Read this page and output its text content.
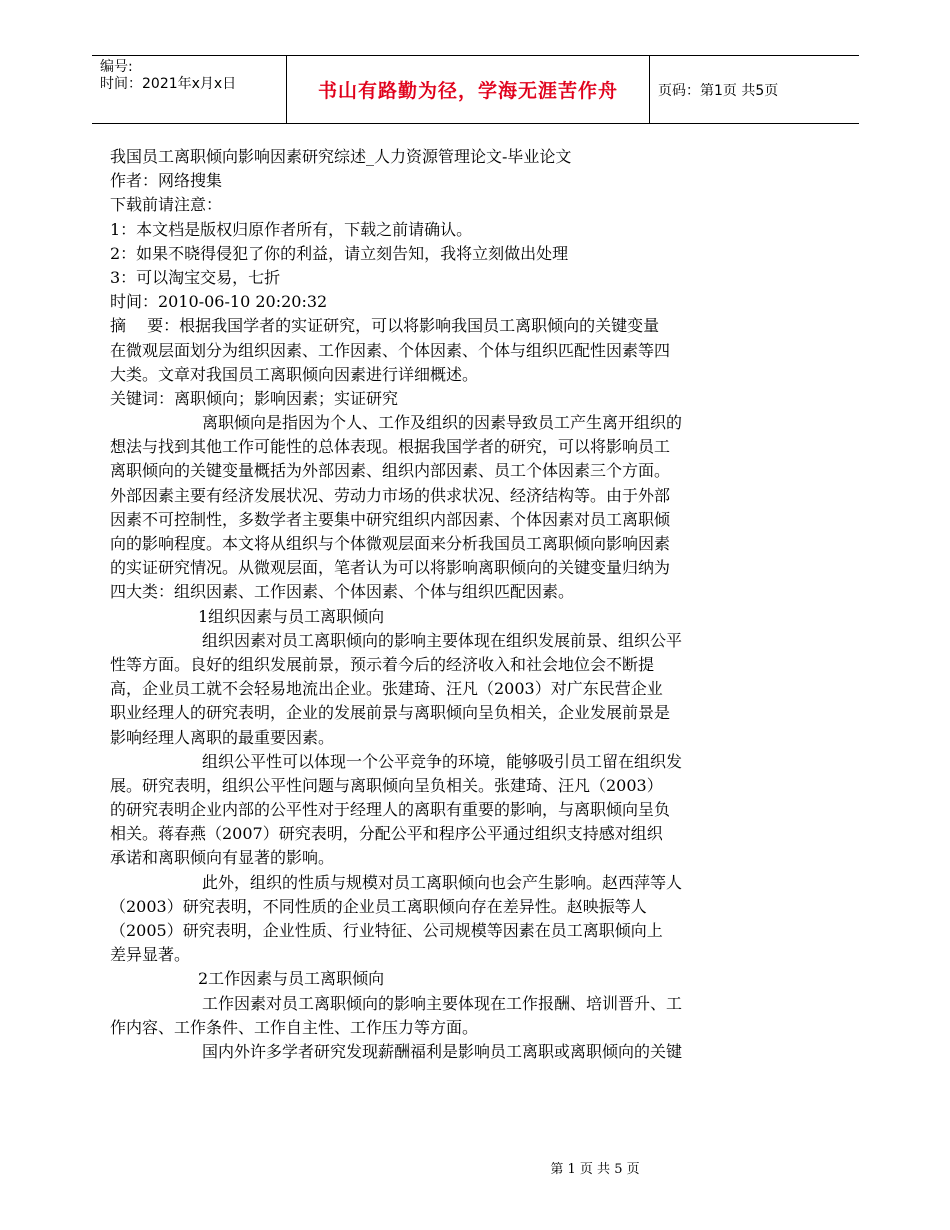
编号:
时间：2021年x月x日	书山有路勤为径，学海无涯苦作舟	页码：第1页 共5页
我国员工离职倾向影响因素研究综述_人力资源管理论文-毕业论文
作者：网络搜集
下载前请注意：
1：本文档是版权归原作者所有，下载之前请确认。
2：如果不晓得侵犯了你的利益，请立刻告知，我将立刻做出处理
3：可以淘宝交易，七折
时间：2010-06-10 20:20:32
摘　 要：根据我国学者的实证研究，可以将影响我国员工离职倾向的关键变量
在微观层面划分为组织因素、工作因素、个体因素、个体与组织匹配性因素等四
大类。文章对我国员工离职倾向因素进行详细概述。
关键词：离职倾向；影响因素；实证研究
离职倾向是指因为个人、工作及组织的因素导致员工产生离开组织的
想法与找到其他工作可能性的总体表现。根据我国学者的研究，可以将影响员工
离职倾向的关键变量概括为外部因素、组织内部因素、员工个体因素三个方面。
外部因素主要有经济发展状况、劳动力市场的供求状况、经济结构等。由于外部
因素不可控制性，多数学者主要集中研究组织内部因素、个体因素对员工离职倾
向的影响程度。本文将从组织与个体微观层面来分析我国员工离职倾向影响因素
的实证研究情况。从微观层面，笔者认为可以将影响离职倾向的关键变量归纳为
四大类：组织因素、工作因素、个体因素、个体与组织匹配因素。
1组织因素与员工离职倾向
组织因素对员工离职倾向的影响主要体现在组织发展前景、组织公平
性等方面。良好的组织发展前景，预示着今后的经济收入和社会地位会不断提
高，企业员工就不会轻易地流出企业。张建琦、汪凡（2003）对广东民营企业
职业经理人的研究表明，企业的发展前景与离职倾向呈负相关，企业发展前景是
影响经理人离职的最重要因素。
组织公平性可以体现一个公平竞争的环境，能够吸引员工留在组织发
展。研究表明，组织公平性问题与离职倾向呈负相关。张建琦、汪凡（2003）
的研究表明企业内部的公平性对于经理人的离职有重要的影响，与离职倾向呈负
相关。蒋春燕（2007）研究表明，分配公平和程序公平通过组织支持感对组织
承诺和离职倾向有显著的影响。
此外，组织的性质与规模对员工离职倾向也会产生影响。赵西萍等人
（2003）研究表明，不同性质的企业员工离职倾向存在差异性。赵映振等人
（2005）研究表明，企业性质、行业特征、公司规模等因素在员工离职倾向上
差异显著。
2工作因素与员工离职倾向
工作因素对员工离职倾向的影响主要体现在工作报酬、培训晋升、工
作内容、工作条件、工作自主性、工作压力等方面。
国内外许多学者研究发现薪酬福利是影响员工离职或离职倾向的关键
第 1 页 共 5 页
